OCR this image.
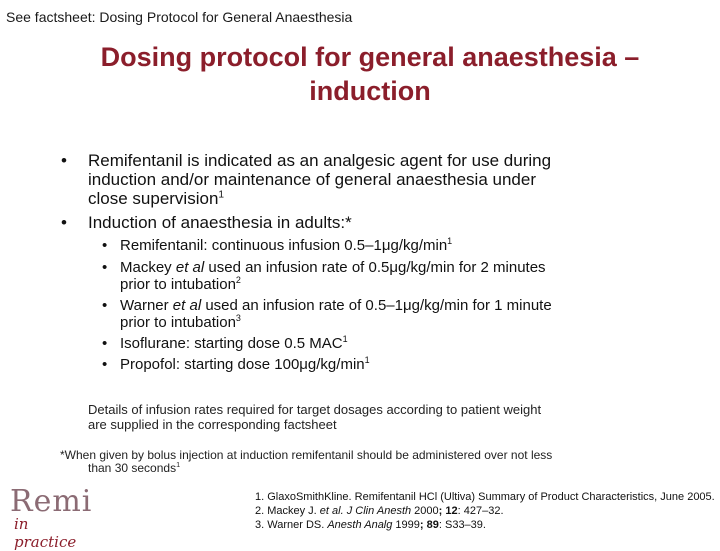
See factsheet: Dosing Protocol for General Anaesthesia
Dosing protocol for general anaesthesia –
induction
• Remifentanil is indicated as an analgesic agent for use during
induction and/or maintenance of general anaesthesia under
close supervision$^1$
• Induction of anaesthesia in adults:*
• Remifentanil: continuous infusion $0.5-1\mu g/kg/\min^1$
• Mackey et al used an infusion rate of 0.5μg/kg/min for 2 minutes
prior to intubation$^2$
• Warner et al used an infusion rate of 0.5–1μg/kg/min for 1 minute
prior to intubation$^3$
• Isoflurane: starting dose 0.5 MAC$^1$
• Propofol: starting dose $100\mu g/kg/\min^1$
Details of infusion rates required for target dosages according to patient weight
are supplied in the corresponding factsheet
*When given by bolus injection at induction remifentanil should be administered over not less
than 30 seconds$^1$
Remi
in practice
1. GlaxoSmithKline. Remifentanil HCl (Ultiva) Summary of Product Characteristics, June 2005.
2. Mackey J. et al. J Clin Anesth 2000; 12: 427–32.
3. Warner DS. Anesth Analg 1999; 89: S33–39.
